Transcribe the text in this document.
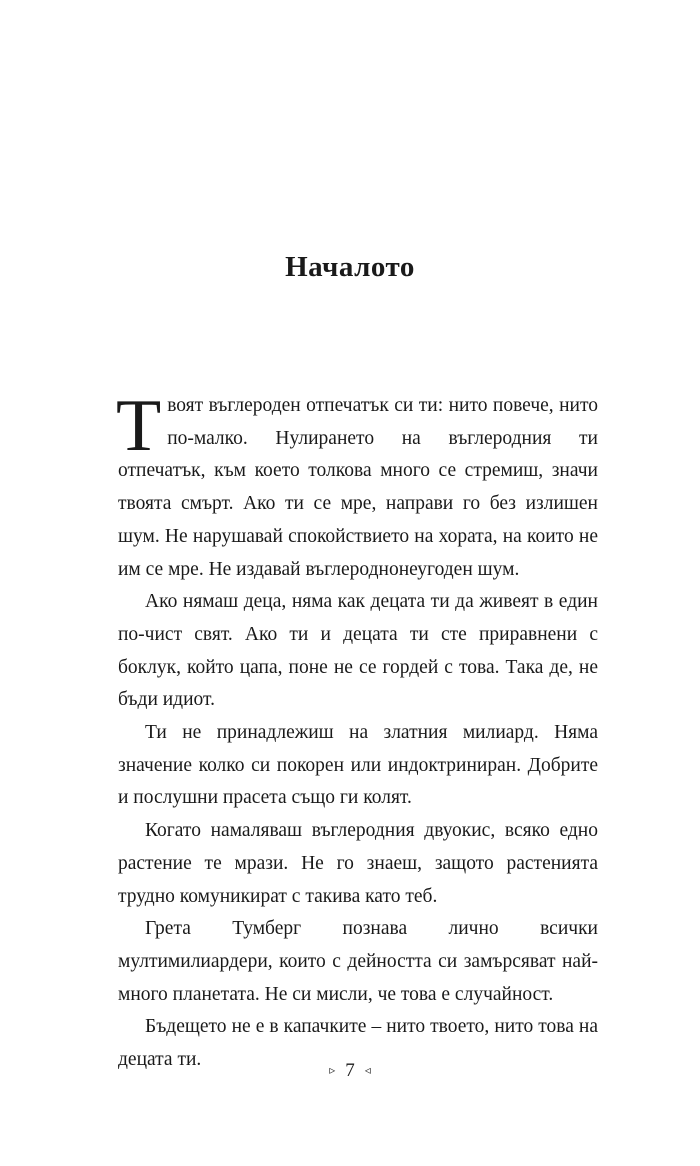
Началото

Твоят въглероден отпечатък си ти: нито повече, нито по-малко. Нулирането на въглеродния ти отпечатък, към което толкова много се стремиш, значи твоята смърт. Ако ти се мре, направи го без излишен шум. Не нарушавай спокойствието на хората, на които не им се мре. Не издавай въглероднонеугоден шум.

Ако нямаш деца, няма как децата ти да живеят в един по-чист свят. Ако ти и децата ти сте приравнени с боклук, който цапа, поне не се гордей с това. Така де, не бъди идиот.

Ти не принадлежиш на златния милиард. Няма значение колко си покорен или индоктриниран. Добрите и послушни прасета също ги колят.

Когато намаляваш въглеродния двуокис, всяко едно растение те мрази. Не го знаеш, защото растенията трудно комуникират с такива като теб.

Грета Тумберг познава лично всички мултимилиардери, които с дейността си замърсяват най-много планетата. Не си мисли, че това е случайност.

Бъдещето не е в капачките – нито твоето, нито това на децата ти.

▹ 7 ◃
